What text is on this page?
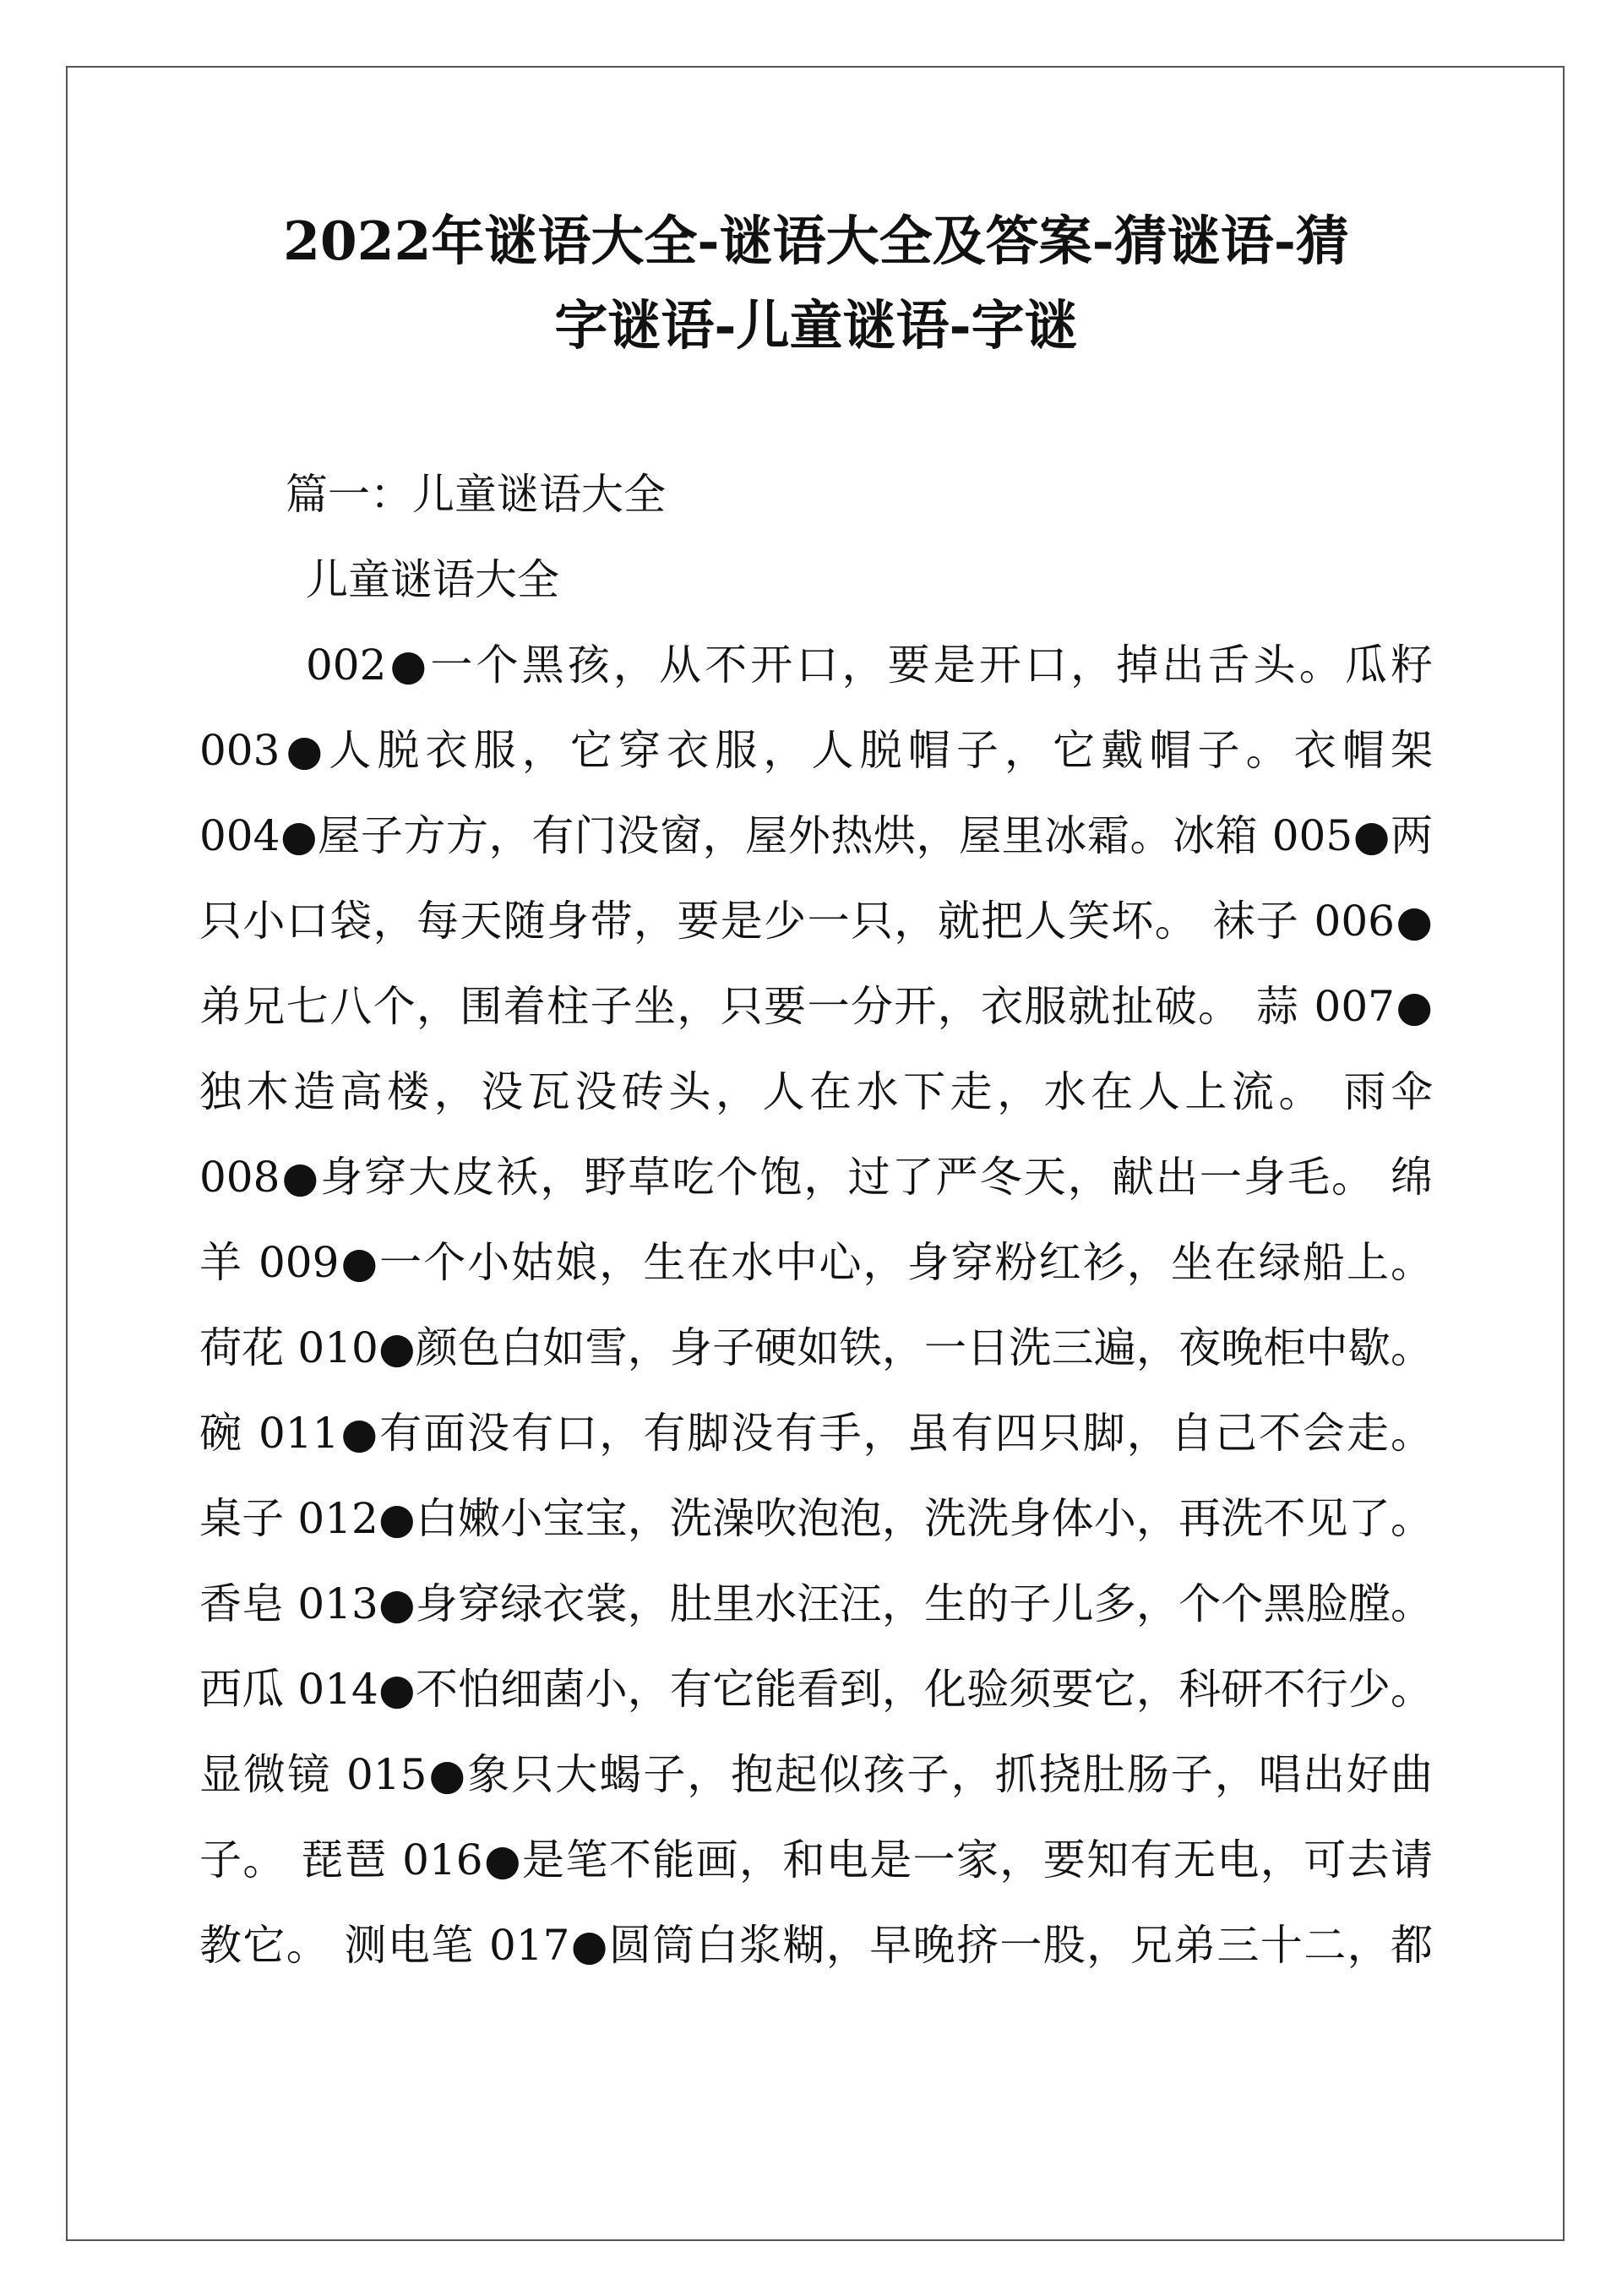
2022年谜语大全-谜语大全及答案-猜谜语-猜
字谜语-儿童谜语-字谜
篇一：儿童谜语大全
儿童谜语大全
002●一个黑孩，从不开口，要是开口，掉出舌头。瓜籽
003●人脱衣服，它穿衣服，人脱帽子，它戴帽子。衣帽架
004●屋子方方，有门没窗，屋外热烘，屋里冰霜。冰箱 005●两
只小口袋，每天随身带，要是少一只，就把人笑坏。 袜子 006●
弟兄七八个，围着柱子坐，只要一分开，衣服就扯破。 蒜 007●
独木造高楼，没瓦没砖头，人在水下走，水在人上流。 雨伞
008●身穿大皮袄，野草吃个饱，过了严冬天，献出一身毛。 绵
羊 009●一个小姑娘，生在水中心，身穿粉红衫，坐在绿船上。
荷花 010●颜色白如雪，身子硬如铁，一日洗三遍，夜晚柜中歇。
碗 011●有面没有口，有脚没有手，虽有四只脚，自己不会走。
桌子 012●白嫩小宝宝，洗澡吹泡泡，洗洗身体小，再洗不见了。
香皂 013●身穿绿衣裳，肚里水汪汪，生的子儿多，个个黑脸膛。
西瓜 014●不怕细菌小，有它能看到，化验须要它，科研不行少。
显微镜 015●象只大蝎子，抱起似孩子，抓挠肚肠子，唱出好曲
子。 琵琶 016●是笔不能画，和电是一家，要知有无电，可去请
教它。 测电笔 017●圆筒白浆糊，早晚挤一股，兄弟三十二，都
